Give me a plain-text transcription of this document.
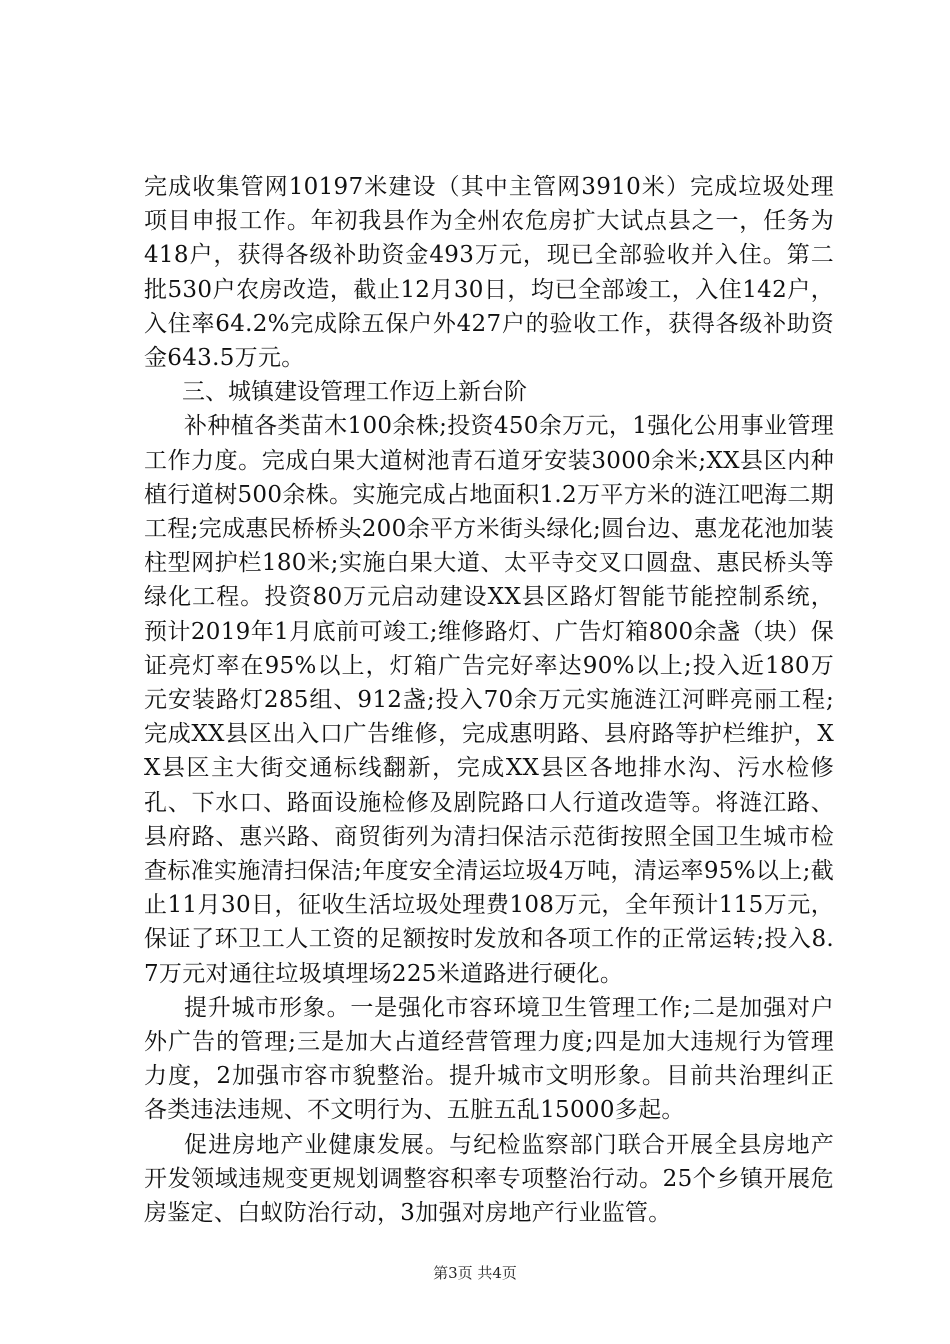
完成收集管网10197米建设（其中主管网3910米）完成垃圾处理项目申报工作。年初我县作为全州农危房扩大试点县之一，任务为418户，获得各级补助资金493万元，现已全部验收并入住。第二批530户农房改造，截止12月30日，均已全部竣工，入住142户，入住率64.2%完成除五保户外427户的验收工作，获得各级补助资金643.5万元。

三、城镇建设管理工作迈上新台阶

补种植各类苗木100余株;投资450余万元，1强化公用事业管理工作力度。完成白果大道树池青石道牙安装3000余米;XX县区内种植行道树500余株。实施完成占地面积1.2万平方米的涟江吧海二期工程;完成惠民桥桥头200余平方米街头绿化;圆台边、惠龙花池加装柱型网护栏180米;实施白果大道、太平寺交叉口圆盘、惠民桥头等绿化工程。投资80万元启动建设XX县区路灯智能节能控制系统，预计2019年1月底前可竣工;维修路灯、广告灯箱800余盏（块）保证亮灯率在95%以上，灯箱广告完好率达90%以上;投入近180万元安装路灯285组、912盏;投入70余万元实施涟江河畔亮丽工程;完成XX县区出入口广告维修，完成惠明路、县府路等护栏维护，XX县区主大街交通标线翻新，完成XX县区各地排水沟、污水检修孔、下水口、路面设施检修及剧院路口人行道改造等。将涟江路、县府路、惠兴路、商贸街列为清扫保洁示范街按照全国卫生城市检查标准实施清扫保洁;年度安全清运垃圾4万吨，清运率95%以上;截止11月30日，征收生活垃圾处理费108万元，全年预计115万元，保证了环卫工人工资的足额按时发放和各项工作的正常运转;投入8.7万元对通往垃圾填埋场225米道路进行硬化。

提升城市形象。一是强化市容环境卫生管理工作;二是加强对户外广告的管理;三是加大占道经营管理力度;四是加大违规行为管理力度，2加强市容市貌整治。提升城市文明形象。目前共治理纠正各类违法违规、不文明行为、五脏五乱15000多起。

促进房地产业健康发展。与纪检监察部门联合开展全县房地产开发领域违规变更规划调整容积率专项整治行动。25个乡镇开展危房鉴定、白蚁防治行动，3加强对房地产行业监管。

第3页 共4页
